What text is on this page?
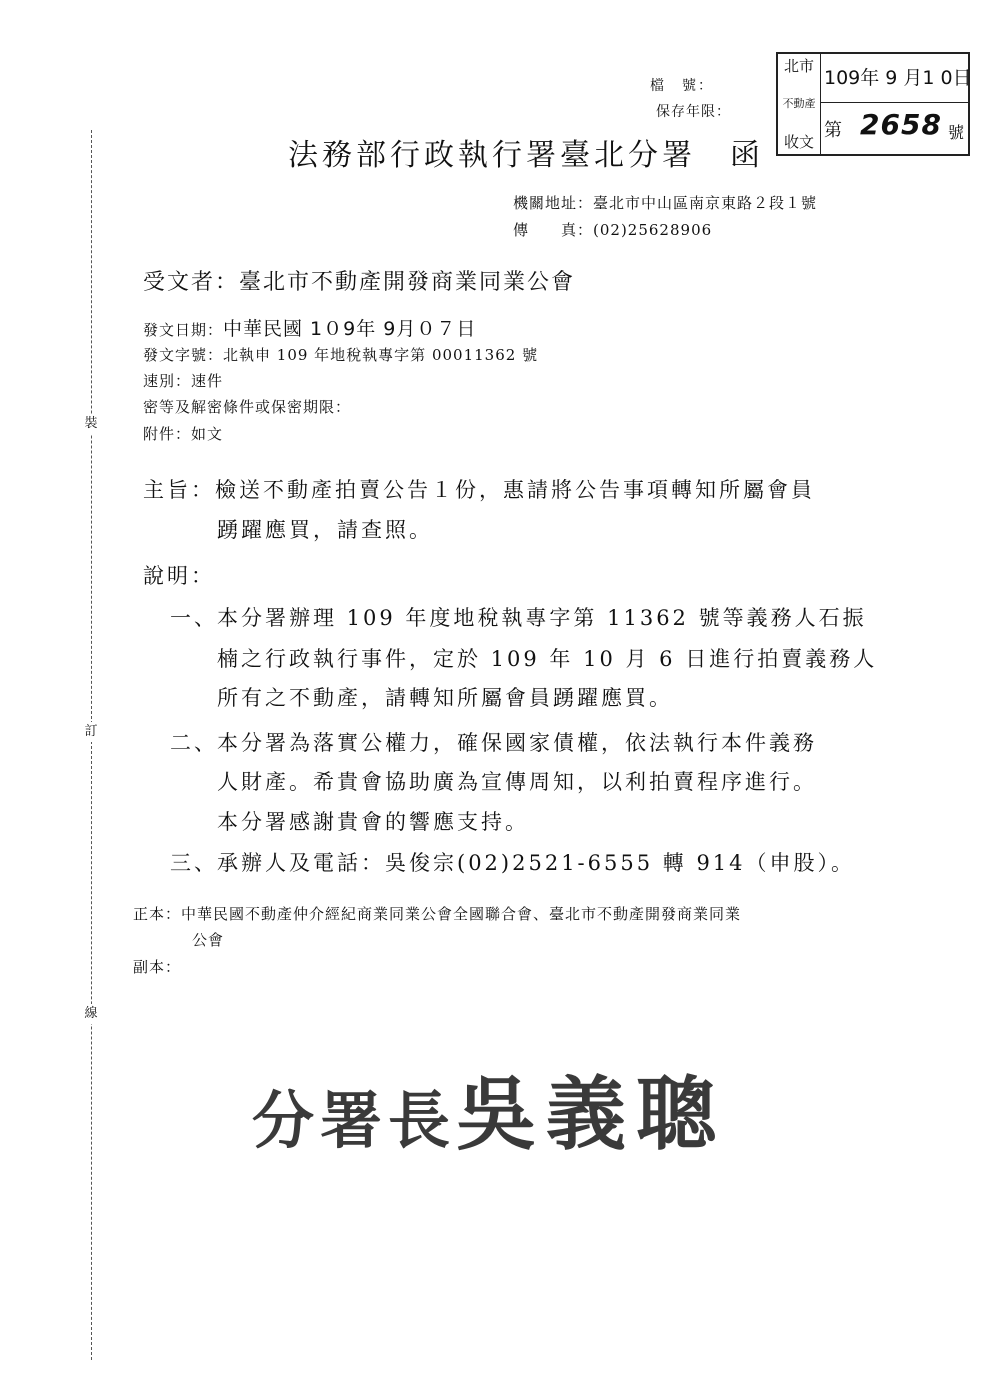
裝
訂
線
檔　號：
保存年限：
北市
不動產
收文
109年 9 月1 0日
第 2658 號
法務部行政執行署臺北分署　函
機關地址：臺北市中山區南京東路２段１號
傳　　真：(02)25628906
受文者：臺北市不動產開發商業同業公會
發文日期：中華民國 1０9年 9月０７日
發文字號：北執申 109 年地稅執專字第 00011362 號
速別：速件
密等及解密條件或保密期限：
附件：如文
主旨：檢送不動產拍賣公告１份，惠請將公告事項轉知所屬會員
踴躍應買，請查照。
說明：
一、 本分署辦理 109 年度地稅執專字第 11362 號等義務人石振
楠之行政執行事件，定於 109 年 10 月 6 日進行拍賣義務人
所有之不動產，請轉知所屬會員踴躍應買。
二、 本分署為落實公權力，確保國家債權，依法執行本件義務
人財產。希貴會協助廣為宣傳周知，以利拍賣程序進行。
本分署感謝貴會的響應支持。
三、 承辦人及電話：吳俊宗(02)2521-6555 轉 914（申股）。
正本：中華民國不動產仲介經紀商業同業公會全國聯合會、臺北市不動產開發商業同業
公會
副本：
分署長吳義聰
